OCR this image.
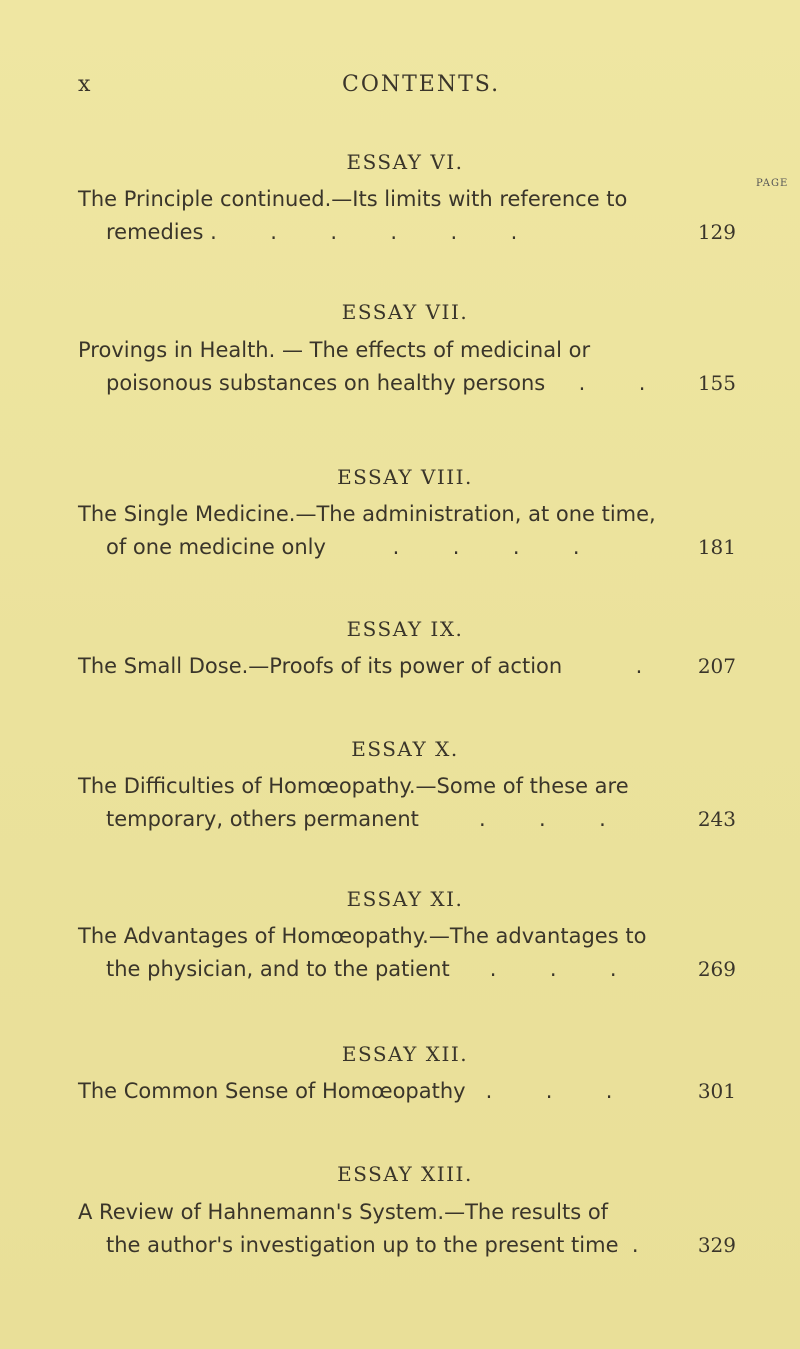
x	CONTENTS.
PAGE
ESSAY VI.
The Principle continued.—Its limits with reference to
remedies .        .        .        .        .        .	129
ESSAY VII.
Provings in Health. — The effects of medicinal or
poisonous substances on healthy persons     .        .	155
ESSAY VIII.
The Single Medicine.—The administration, at one time,
of one medicine only          .        .        .        .	181
ESSAY IX.
The Small Dose.—Proofs of its power of action           .	207
ESSAY X.
The Difficulties of Homœopathy.—Some of these are
temporary, others permanent         .        .        .	243
ESSAY XI.
The Advantages of Homœopathy.—The advantages to
the physician, and to the patient      .        .        .	269
ESSAY XII.
The Common Sense of Homœopathy   .        .        .	301
ESSAY XIII.
A Review of Hahnemann's System.—The results of
the author's investigation up to the present time  .	329
